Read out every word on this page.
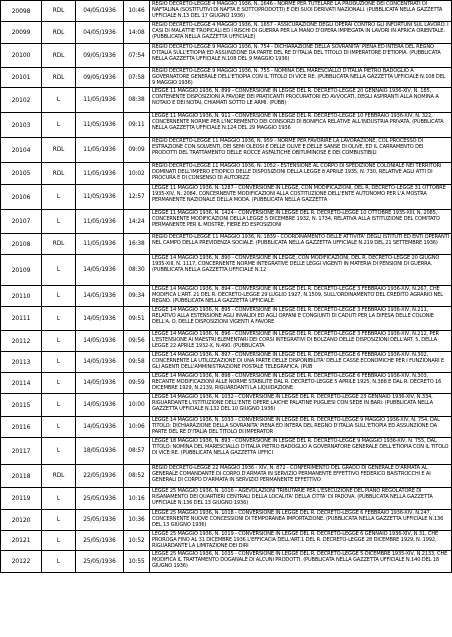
20098	RDL	04/05/1936	10:46	REGIO DECRETO-LEGGE 4 MAGGIO 1936, N. 1646 - NORME PER TUTELARE LA PRODUZIONE DEI CONCENTRATI DI NAFTALINA (SOSTITUTIVI DI NAFTA E SOTTOPRODOTTI) E DEI SUOI DERIVATI NAZIONALI. (PUBBLICATA NELLA GAZZETTA UFFICIALE N.13 DEL 17 GIUGNO 1936)

20099	RDL	04/05/1936	14:08	REGIO DECRETO-LEGGE 4 MAGGIO 1936, N. 1657 - ASSICURAZIONE DEGLI OPERAI CONTRO GLI INFORTUNI SUL LAVORO. I CASI DI MALATTIE TROPICALI ED I RISCHI DI GUERRA PER LA MANO D'OPERA IMPIEGATA IN LAVORI IN AFRICA ORIENTALE. (PUBBLICATA NELLA GAZZETTA UFFICIALE)

20100	RDL	09/05/1936	07:54	REGIO DECRETO-LEGGE 9 MAGGIO 1936, N. 754 - DICHIARAZIONE DELLA SOVRANITA' PIENA ED INTERA DEL REGNO D'ITALIA SULL'ETIOPIA ED ASSUNZIONE DA PARTE DEL RE D'ITALIA DEL TITOLO DI IMPERATORE D'ETIOPIA. (PUBBLICATA NELLA GAZZETTA UFFICIALE N.108 DEL 9 MAGGIO 1936)

20101	RDL	09/05/1936	07:58	REGIO DECRETO-LEGGE 9 MAGGIO 1936, N. 755 - NOMINA DEL MARESCIALLO D'ITALIA PIETRO BADOGLIO A GOVERNATORE GENERALE DELL'ETIOPIA CON IL TITOLO DI VICE RE. (PUBBLICATA NELLA GAZZETTA UFFICIALE N.108 DEL 9 MAGGIO 1936)

20102	L	11/05/1936	08:38	LEGGE 11 MAGGIO 1936, N. 899 - CONVERSIONE IN LEGGE DEL R. DECRETO-LEGGE 20 GENNAIO 1936-XIV, N. 185, CONTENENTE DISPOSIZIONI A FAVORE DEI PRATICANTI PROCURATORI ED AVVOCATI, DEGLI ASPIRANTI ALLA NOMINA A NOTAIO E DEI NOTAI, CHIAMATI SOTTO LE ARMI. (PUBB)

20103	L	11/05/1936	09:11	LEGGE 11 MAGGIO 1936, N. 911 - CONVERSIONE IN LEGGE DEL R. DECRETO-LEGGE 10 FEBBRAIO 1936-XIV, N. 322, CONCERNENTE NORME PER L'INCREMENTO DEI CONSORZI DI BONIFICA RELATIVE ALL'INDUSTRIA PRIVATA. (PUBBLICATA NELLA GAZZETTA UFFICIALE N.124 DEL 29 MAGGIO 1936

20104	RDL	11/05/1936	09:09	REGIO DECRETO-LEGGE 11 MAGGIO 1936, N. 959 - NORME PER FAVORIRE LA LAVORAZIONE, COL PROCESSO DI ESTRAZIONE CON SOLVENTI, DEI SEMI OLEOSI E DELLE OLIVE E DELLE SANSE DI OLIVE, ED IL CARRAMENTO DEI PRODOTTI DEL TRATTAMENTO DELLE ROCCE ASFALTICHE OBITUMINOSE E DEI COMBUSTIBILI

20105	RDL	11/05/1936	10:02	REGIO DECRETO-LEGGE 11 MAGGIO 1936, N. 1052 - ESTENSIONE AL CORPO DI SPEDIZIONE COLONIALE NEI TERRITORI DOMINATI DELL'IMPERO ETIOPICO DELLE DISPOSIZIONI DELLA LEGGE 8 APRILE 1935, N. 730, RELATIVE AGLI ATTI DI PROCURA E DI CONSENSO DI AUTORIZZ

20106	L	11/05/1936	12:57	LEGGE 11 MAGGIO 1936, N. 1287 - CONVERSIONE IN LEGGE, CON MODIFICAZIONI, DEL R. DECRETO-LEGGE 31 OTTOBRE 1935-XIV, N. 2084, CONCERNENTE MODIFICAZIONI ALLA COSTITUZIONE DELL'ENTE AUTONOMO PER L'A MOSTRA PERMANENTE NAZIONALE DELLA MODA. (PUBBLICATA NELLA GAZZETTA

20107	L	11/05/1936	14:24	LEGGE 11 MAGGIO 1936, N. 1424 - CONVERSIONE IN LEGGE DEL R. DECRETO-LEGGE 10 OTTOBRE 1935-XIII, N. 2085, CONCERNENTE MODIFICAZIONI DELLA LEGGE 5 DICEMBRE 1932, N. 1734, RELATIVA ALLA ISTITUZIONE DEL COMITATO PERMANENTE PER IL MOSTRE, FIERE ED ESPOSIZIONI

20108	RDL	11/05/1936	16:38	REGIO DECRETO-LEGGE 11 MAGGIO 1936, N. 1839 - COORDINAMENTO DELLE ATTIVITA' DEGLI ISTITUTI ED ENTI OPERANTI NEL CAMPO DELLA PREVIDENZA SOCIALE. (PUBBLICATA NELLA GAZZETTA UFFICIALE N.219 DEL 21 SETTEMBRE 1936)

20109	L	14/05/1936	08:30	LEGGE 14 MAGGIO 1936, N. 890 - CONVERSIONE IN LEGGE, CON MODIFICAZIONI, DEL R. DECRETO-LEGGE 20 GIUGNO 1935-XIII, N. 1117, CONCERNENTE NORME INTEGRATIVE DELLE LEGGI VIGENTI IN MATERIA DI PENSIONI DI GUERRA. (PUBBLICATA NELLA GAZZETTA UFFICIALE N.12

20110	L	14/05/1936	09:34	LEGGE 14 MAGGIO 1936, N. 894 - CONVERSIONE IN LEGGE DEL R. DECRETO-LEGGE 3 FEBBRAIO 1936-XIV, N.267, CHE MODIFICA L'ART. 21 DEL R. DECRETO-LEGGE 29 LUGLIO 1927, N.1509, SULL'ORDINAMENTO DEL CREDITO AGRARIO NEL REGNO. (PUBBLICATA NELLA GAZZETTA UFFICIALE

20111	L	14/05/1936	09:51	LEGGE 14 MAGGIO 1936, N. 895 - CONVERSIONE IN LEGGE DEL R. DECRETO-LEGGE 3 FEBBRAIO 1936-XIV, N.211, RELATIVO ALLA ESTENSIONE AGLI INVALIDI ED AGLI ORFANI E CONGIUNTI DI CADUTI PER LA DIFESA DELLE COLONIE DELL'A. O. DELLE DISPOSIZIONI VIGENTI A FAVORE

20112	L	14/05/1936	09:56	LEGGE 14 MAGGIO 1936, N. 896 - CONVERSIONE IN LEGGE DEL R. DECRETO-LEGGE 3 FEBBRAIO 1936-XIV, N.212, PER L'ESTENSIONE AI MAESTRI ELEMENTARI DEI CORSI INTEGRATIVI DI BOLZANO DELLE DISPOSIZIONI DELL'ART. 5, DELLA LEGGE 22 APRILE 1932-X, N.490. (PUBBLICATA

20113	L	14/05/1936	09:58	LEGGE 14 MAGGIO 1936, N. 897 - CONVERSIONE IN LEGGE DEL R. DECRETO-LEGGE 6 FEBBRAIO 1936-XIV, N.302, CONCERNENTE LA UTILIZZAZIONE DI UNA PARTE DELLE DISPONIBILITA' DELLE CASSE ECONOMICHE PER I FUNZIONARI E GLI AGENTI DELL'AMMINISTRAZIONE POSTALE TELEGRAFICA. (PUB

20114	L	14/05/1936	09:59	LEGGE 14 MAGGIO 1936, N. 898 - CONVERSIONE IN LEGGE DEL R. DECRETO-LEGGE 6 FEBBRAIO 1936-XIV, N.303, RECANTE MODIFICAZIONI ALLE NORME STABILITE DAL R. DECRETO-LEGGE 5 APRILE 1925, N.388 E DAL R. DECRETO 16 DICEMBRE 1929, N.2139, RIGUARDANTI LA LIQUIDAZIONE

20115	L	14/05/1936	10:00	LEGGE 14 MAGGIO 1936, N. 1032 - CONVERSIONE IN LEGGE DEL R. DECRETO-LEGGE 23 GENNAIO 1936-XIV, N.334, RIGUARDANTE L'ISTITUZIONE DELL'ENTE OPERE LAICHE PALATINE PUGLIESI CON SEDE IN BARI. (PUBBLICATA NELLA GAZZETTA UFFICIALE N.132 DEL 10 GIUGNO 1936)

20116	L	14/05/1936	10:06	LEGGE 14 MAGGIO 1936, N. 1033 - CONVERSIONE IN LEGGE DEL R. DECRETO-LEGGE 9 MAGGIO 1936-XIV, N. 754, DAL TITOLO: DICHIARAZIONE DELLA SOVRANITA' PIENA ED INTERA DEL REGNO D'ITALIA SULL'ETIOPIA ED ASSUNZIONE DA PARTE DEL RE D'ITALIA DEL TITOLO DI IMPERATOR

20117	L	18/05/1936	08:57	LEGGE 18 MAGGIO 1936, N. 893 - CONVERSIONE IN LEGGE DEL R. DECRETO-LEGGE 9 MAGGIO 1936-XIV, N. 755, DAL TITOLO: NOMINA DEL MARESCIALLO D'ITALIA PIETRO BADOGLIO A GOVERNATORE GENERALE DELL'ETIOPIA CON IL TITOLO DI VICE RE. (PUBBLICATA NELLA GAZZETTA UFFICI

20118	RDL	22/05/1936	08:52	REGIO DECRETO-LEGGE 22 MAGGIO 1936 - XIV, N. 872 - CONFERIMENTO DEL GRADO DI GENERALE D'ARMATA AL GENERALE COMANDANTE DI CORPO D'ARMATA IN SERVIZIO PERMANENTE EFFETTIVO FEDERICO BAISTROCCHI E AI GENERALI DI CORPO D'ARMATA IN SERVIZIO PERMANENTE EFFETTIVO

20119	L	25/05/1936	10:16	LEGGE 25 MAGGIO 1936, N. 1016 - AGEVOLAZIONI TRIBUTARIE PER L'ESECUZIONE DEL PIANO REGOLATORE DI RISANAMENTO DEI QUARTIERI CENTRALI DELLA LOCALITA' DELLA CITTA' DI PADOVA. (PUBBLICATA NELLA GAZZETTA UFFICIALE N.136 DEL 13 GIUGNO 1936)

20120	L	25/05/1936	10:36	LEGGE 25 MAGGIO 1936, N. 1018 - CONVERSIONE IN LEGGE DEL R. DECRETO-LEGGE 6 FEBBRAIO 1936-XIV, N.247, CONCERNENTE NUOVE CONCESSIONI DI TEMPORANEA IMPORTAZIONE. (PUBBLICATA NELLA GAZZETTA UFFICIALE N.136 DEL 13 GIUGNO 1936)

20121	L	25/05/1936	10:52	LEGGE 25 MAGGIO 1936, N. 1019 - CONVERSIONE IN LEGGE DEL R. DECRETO-LEGGE 6 GENNAIO 1936-XIV, N.31, CHE PROROGA FINO AL 31 DICEMBRE 1936 L'EFFICACIA DELL'ART.1 DEL R. DECRETO-LEGGE 28 DICEMBRE 1929, N. 1992, RIGUARDANTE LA LIMITAZIONE DEI DIRI

20122	L	25/05/1936	10:55	LEGGE 25 MAGGIO 1936, N. 1035 - CONVERSIONE IN LEGGE DEL R. DECRETO-LEGGE 5 DICEMBRE 1935-XIV, N.2133, CHE MODIFICA IL TRATTAMENTO DOGANALE DI ALCUNI PRODOTTI. (PUBBLICATA NELLA GAZZETTA UFFICIALE N.140 DEL 18 GIUGNO 1936)
